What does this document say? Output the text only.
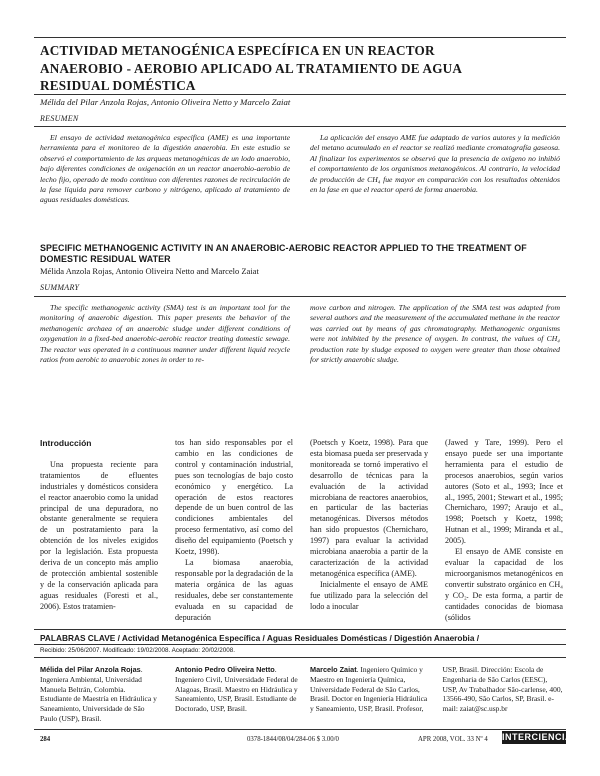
ACTIVIDAD METANOGÉNICA ESPECÍFICA EN UN REACTOR
ANAEROBIO - AEROBIO APLICADO AL TRATAMIENTO DE AGUA
RESIDUAL DOMÉSTICA
Mélida del Pilar Anzola Rojas, Antonio Oliveira Netto y Marcelo Zaiat
RESUMEN
El ensayo de actividad metanogénica específica (AME) es una importante herramienta para el monitoreo de la digestión anaerobia. En este estudio se observó el comportamiento de las arqueas metanogénicas de un lodo anaerobio, bajo diferentes condiciones de oxigenación en un reactor anaerobio-aerobio de lecho fijo, operado de modo continuo con diferentes razones de recirculación de la fase líquida para remover carbono y nitrógeno, aplicado al tratamiento de aguas residuales domésticas.
La aplicación del ensayo AME fue adaptado de varios autores y la medición del metano acumulado en el reactor se realizó mediante cromatografía gaseosa. Al finalizar los experimentos se observó que la presencia de oxígeno no inhibió el comportamiento de los organismos metanogénicos. Al contrario, la velocidad de producción de CH₄ fue mayor en comparación con los resultados obtenidos en la fase en que el reactor operó de forma anaerobia.
SPECIFIC METHANOGENIC ACTIVITY IN AN ANAEROBIC-AEROBIC REACTOR APPLIED TO THE TREATMENT OF DOMESTIC RESIDUAL WATER
Mélida Anzola Rojas, Antonio Oliveira Netto and Marcelo Zaiat
SUMMARY
The specific methanogenic activity (SMA) test is an important tool for the monitoring of anaerobic digestion. This paper presents the behavior of the methanogenic archaea of an anaerobic sludge under different conditions of oxygenation in a fixed-bed anaerobic-aerobic reactor treating domestic sewage. The reactor was operated in a continuous manner under different liquid recycle ratios from aerobic to anaerobic zones in order to re-
move carbon and nitrogen. The application of the SMA test was adapted from several authors and the measurement of the accumulated methane in the reactor was carried out by means of gas chromatography. Methanogenic organisms were not inhibited by the presence of oxygen. In contrast, the values of CH₄ production rate by sludge exposed to oxygen were greater than those obtained for strictly anaerobic sludge.
Introducción

Una propuesta reciente para tratamientos de efluentes industriales y domésticos considera el reactor anaerobio como la unidad principal de una depuradora, no obstante generalmente se requiera de un postratamiento para la obtención de los niveles exigidos por la legislación. Esta propuesta deriva de un concepto más amplio de protección ambiental sostenible y de la conservación aplicada para aguas residuales (Foresti et al., 2006). Estos tratamien-

tos han sido responsables por el cambio en las condiciones de control y contaminación industrial, pues son tecnologías de bajo costo económico y energético. La operación de estos reactores depende de un buen control de las condiciones ambientales del proceso fermentativo, así como del diseño del equipamiento (Poetsch y Koetz, 1998).

La biomasa anaerobia, responsable por la degradación de la materia orgánica de las aguas residuales, debe ser constantemente evaluada en su capacidad de depuración

(Poetsch y Koetz, 1998). Para que esta biomasa pueda ser preservada y monitoreada se tornó imperativo el desarrollo de técnicas para la evaluación de la actividad microbiana de reactores anaerobios, en particular de las bacterias metanogénicas. Diversos métodos han sido propuestos (Chernicharo, 1997) para evaluar la actividad microbiana anaerobia a partir de la caracterización de la actividad metanogénica específica (AME).

Inicialmente el ensayo de AME fue utilizado para la selección del lodo a inocular

(Jawed y Tare, 1999). Pero el ensayo puede ser una importante herramienta para el estudio de procesos anaerobios, según varios autores (Soto et al., 1993; Ince et al., 1995, 2001; Stewart et al., 1995; Chernicharo, 1997; Araujo et al., 1998; Poetsch y Koetz, 1998; Hutnan et al., 1999; Miranda et al., 2005).

El ensayo de AME consiste en evaluar la capacidad de los microorganismos metanogénicos en convertir substrato orgánico en CH₄ y CO₂. De esta forma, a partir de cantidades conocidas de biomasa (sólidos

PALABRAS CLAVE / Actividad Metanogénica Específica / Aguas Residuales Domésticas / Digestión Anaerobia /
Recibido: 25/06/2007. Modificado: 19/02/2008. Aceptado: 20/02/2008.
Mélida del Pilar Anzola Rojas. Ingeniera Ambiental, Universidad Manuela Beltrán, Colombia. Estudiante de Maestría en Hidráulica y Saneamiento, Universidade de São Paulo (USP), Brasil.
Antonio Pedro Oliveira Netto. Ingeniero Civil, Universidade Federal de Alagoas, Brasil. Maestro en Hidráulica y Saneamiento, USP, Brasil. Estudiante de Doctorado, USP, Brasil.
Marcelo Zaiat. Ingeniero Químico y Maestro en Ingeniería Química, Universidade Federal de São Carlos, Brasil. Doctor en Ingeniería Hidráulica y Saneamiento, USP, Brasil. Profesor, USP, Brasil. Dirección: Escola de Engenharia de São Carlos (EESC), USP, Av Trabalhador São-carlense, 400, 13566-490, São Carlos, SP, Brasil. e-mail: zaiat@sc.usp.br
284	0378-1844/08/04/284-06 $ 3.00/0	APR 2008, VOL. 33 Nº 4 INTERCIENCIA
